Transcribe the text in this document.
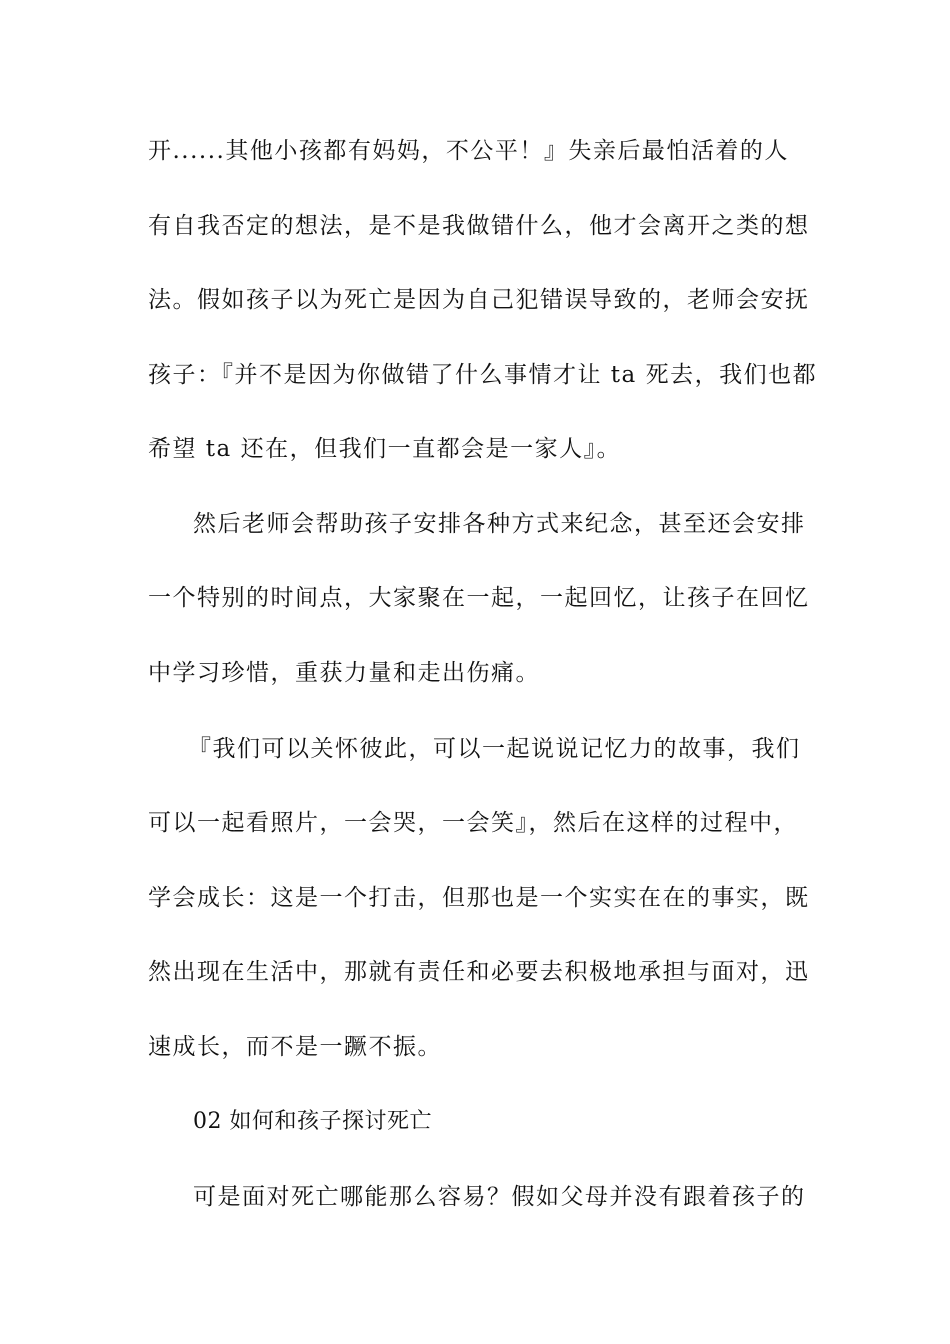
开......其他小孩都有妈妈，不公平！』失亲后最怕活着的人
有自我否定的想法，是不是我做错什么，他才会离开之类的想
法。假如孩子以为死亡是因为自己犯错误导致的，老师会安抚
孩子：『并不是因为你做错了什么事情才让 ta 死去，我们也都
希望 ta 还在，但我们一直都会是一家人』。
然后老师会帮助孩子安排各种方式来纪念，甚至还会安排
一个特别的时间点，大家聚在一起，一起回忆，让孩子在回忆
中学习珍惜，重获力量和走出伤痛。
『我们可以关怀彼此，可以一起说说记忆力的故事，我们
可以一起看照片，一会哭，一会笑』，然后在这样的过程中，
学会成长：这是一个打击，但那也是一个实实在在的事实，既
然出现在生活中，那就有责任和必要去积极地承担与面对，迅
速成长，而不是一蹶不振。
02 如何和孩子探讨死亡
可是面对死亡哪能那么容易？假如父母并没有跟着孩子的
